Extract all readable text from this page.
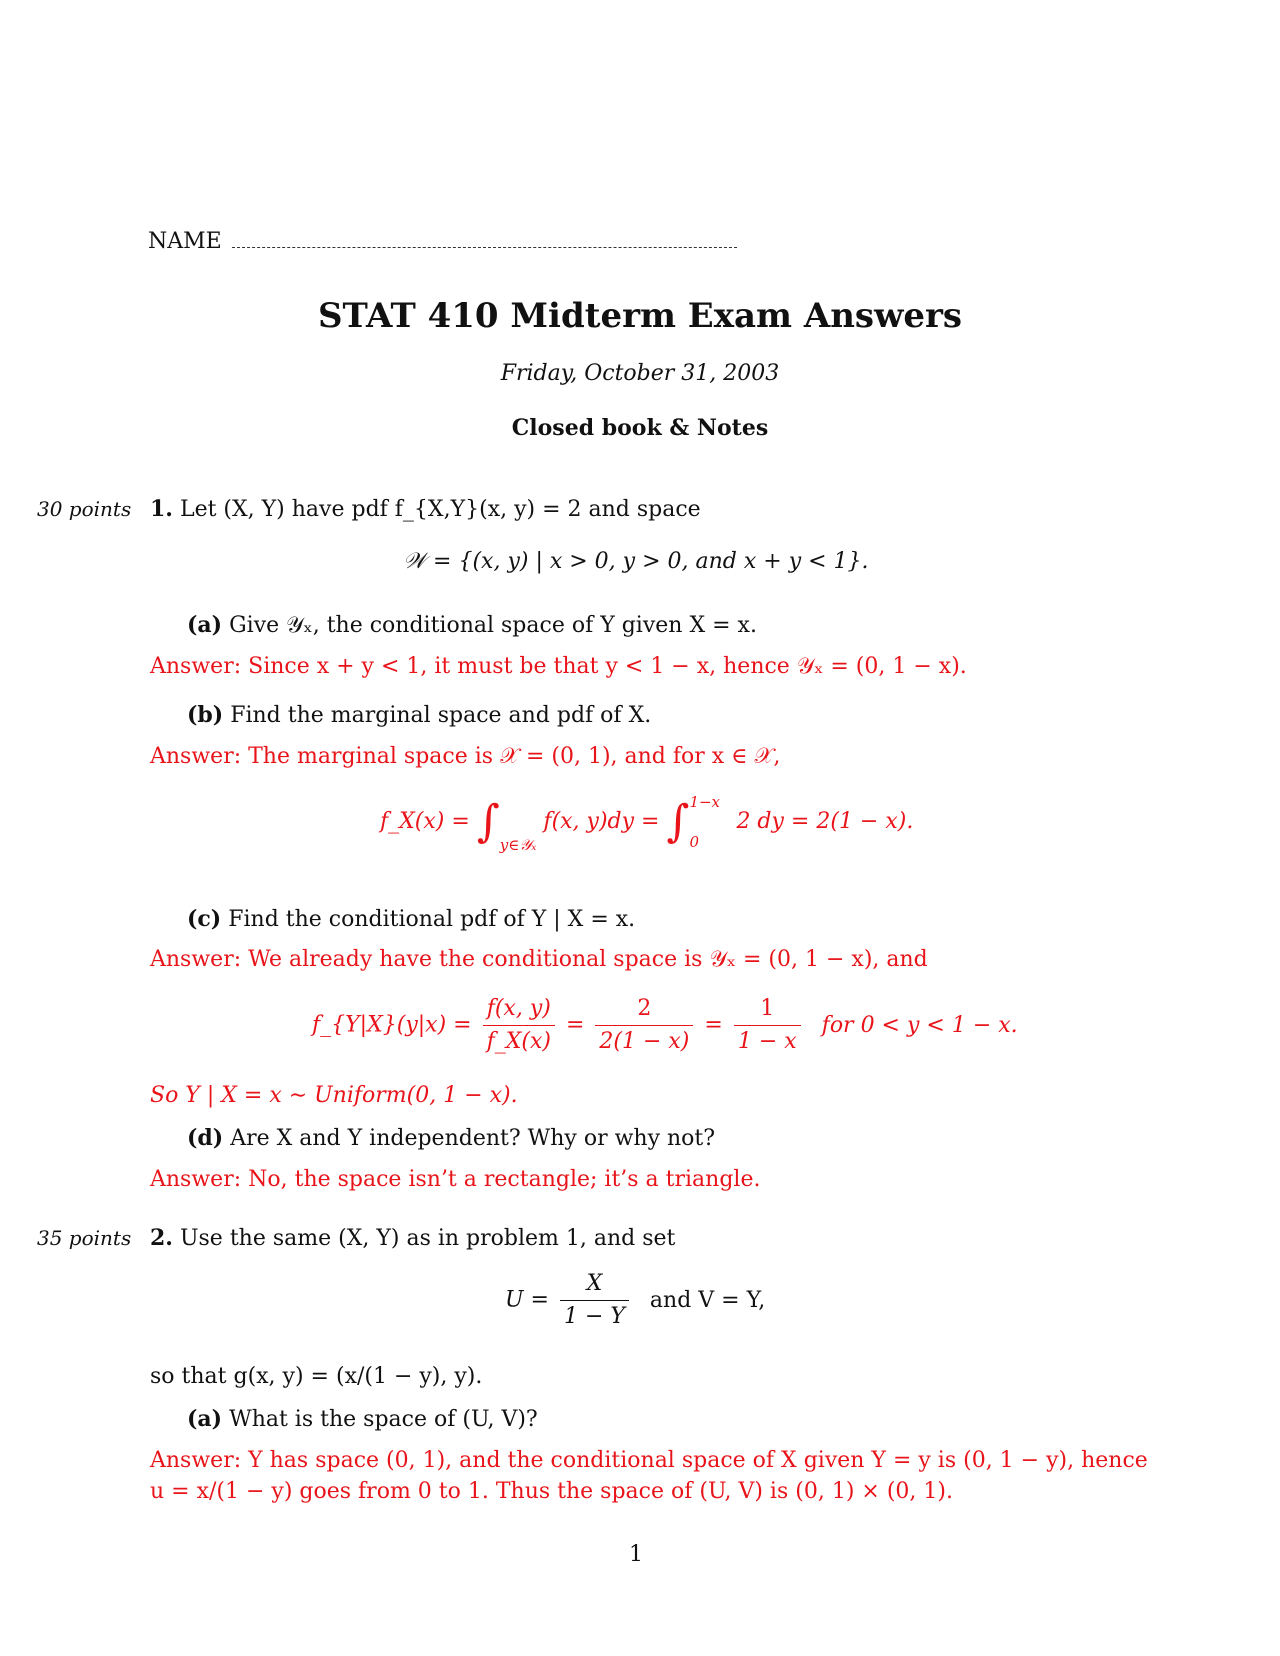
NAME
STAT 410 Midterm Exam Answers
Friday, October 31, 2003
Closed book & Notes
30 points 1. Let (X, Y) have pdf f_{X,Y}(x, y) = 2 and space
𝒲 = {(x, y) | x > 0, y > 0, and x + y < 1}.
(a) Give 𝒴ₓ, the conditional space of Y given X = x.
Answer: Since x + y < 1, it must be that y < 1 − x, hence 𝒴ₓ = (0, 1 − x).
(b) Find the marginal space and pdf of X.
Answer: The marginal space is 𝒳 = (0, 1), and for x ∈ 𝒳,
f_X(x) = $\int_{y\in 𝒴_x}$ f(x, y)dy = ∫ 1−x
0
2 dy = 2(1 − x).
(c) Find the conditional pdf of Y | X = x.
Answer: We already have the conditional space is 𝒴ₓ = (0, 1 − x), and
f_{Y|X}(y|x) = $\frac{f(x, y)}{f\_X(x)} = \frac{2}{2(1 - x)} = \frac{1}{1 - x}$ for 0 < y < 1 − x.
So Y | X = x ∼ Uniform(0, 1 − x).
(d) Are X and Y independent? Why or why not?
Answer: No, the space isn’t a rectangle; it’s a triangle.
35 points 2. Use the same (X, Y) as in problem 1, and set
$U = \frac{X}{1 - Y}$ and V = Y,
so that g(x, y) = (x/(1 − y), y).
(a) What is the space of (U, V)?
Answer: Y has space (0, 1), and the conditional space of X given Y = y is (0, 1 − y), hence
u = x/(1 − y) goes from 0 to 1. Thus the space of (U, V) is (0, 1) × (0, 1).
1
